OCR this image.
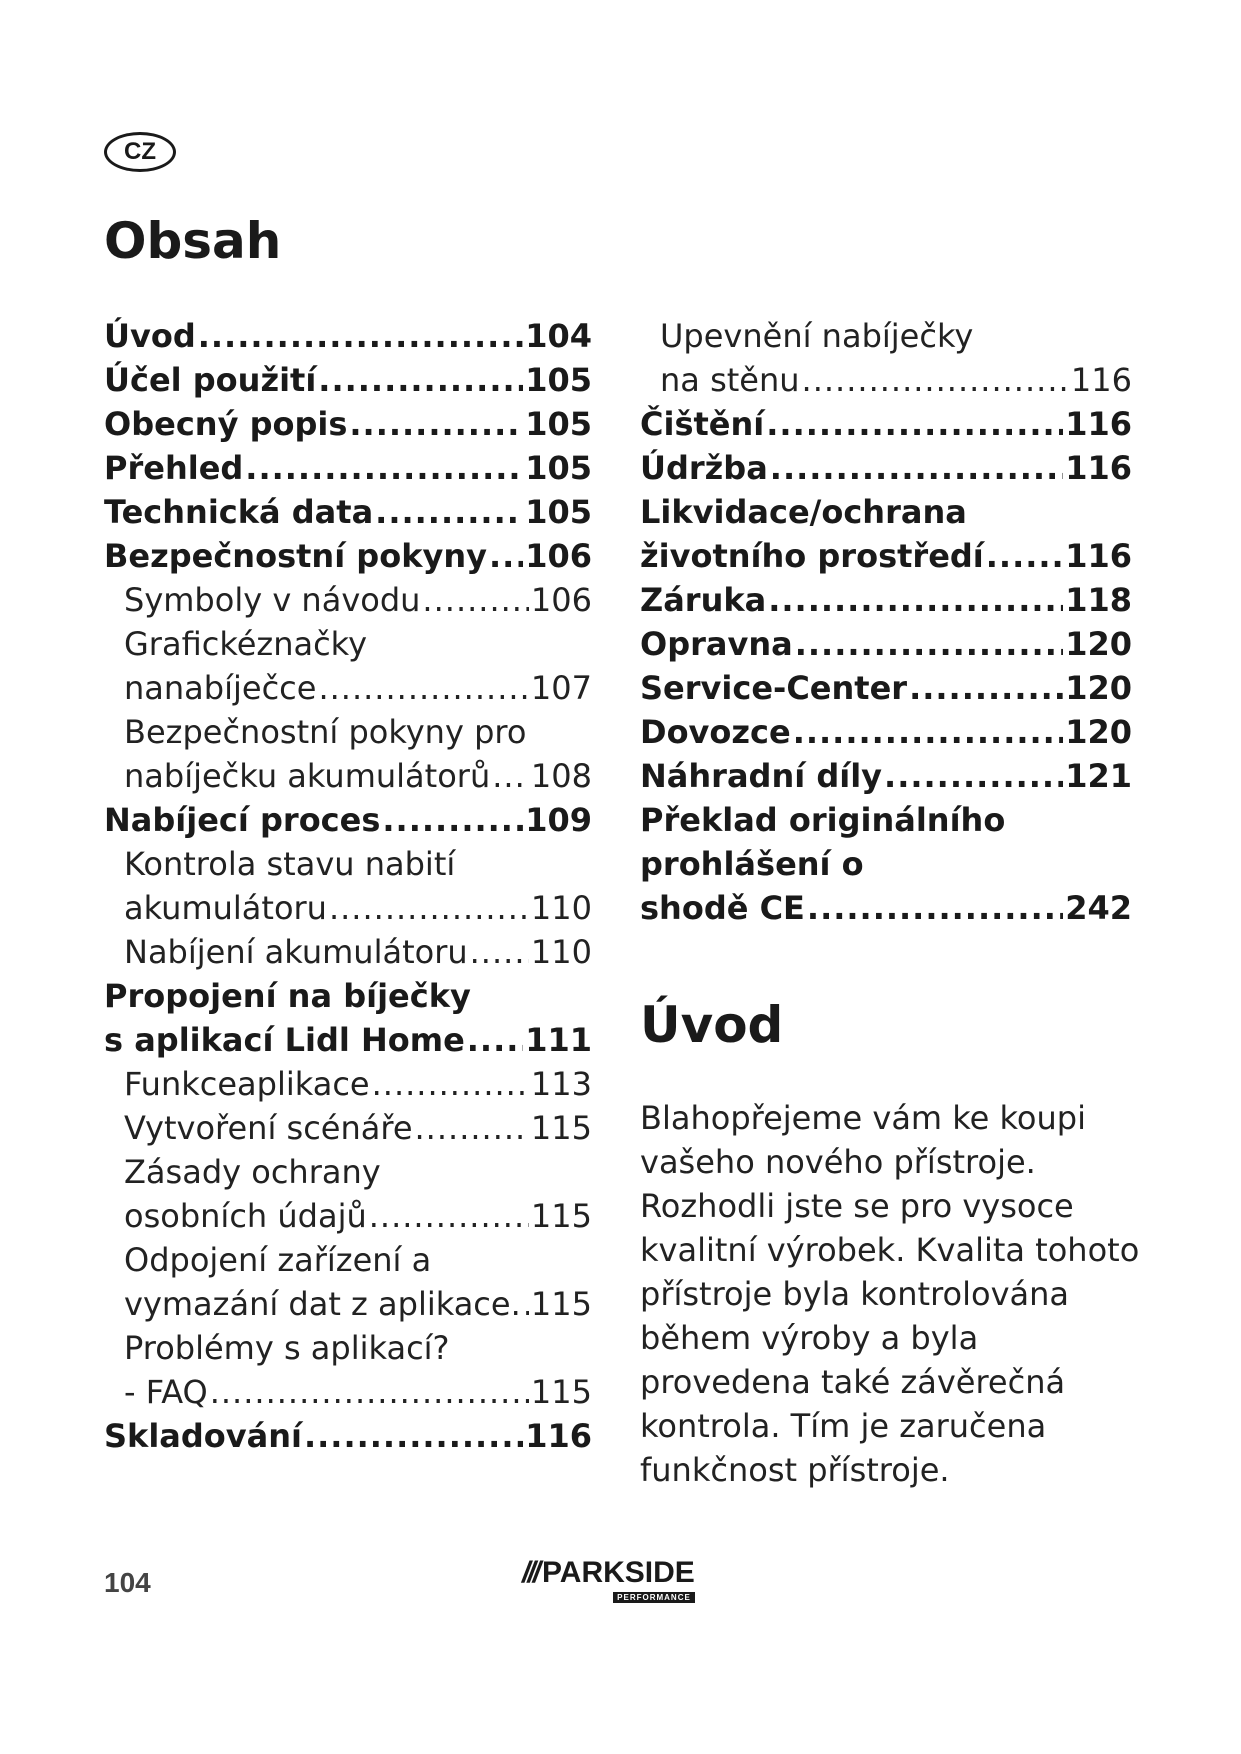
CZ
Obsah
Úvod .....	104
Účel použití .....	105
Obecný popis .....	105
Přehled .....	105
Technická data .....	105
Bezpečnostní pokyny ..... 106
Symboly v návodu .....	106
Grafickéznačky
nanabíječce .....	107
Bezpečnostní pokyny pro
nabíječku akumulátorů ..... 108
Nabíjecí proces .....	109
Kontrola stavu nabití
akumulátoru .....	110
Nabíjení akumulátoru ..... 110
Propojení na bíječky
s aplikací Lidl Home ..... 111
Funkceaplikace .....	113
Vytvoření scénáře .....	115
Zásady ochrany
osobních údajů .....	115
Odpojení zařízení a
vymazání dat z aplikace. ..... 115
Problémy s aplikací?
- FAQ .....	115
Skladování .....	116
Upevnění nabíječky
na stěnu .....	116
Čištění .....	116
Údržba .....	116
Likvidace/ochrana
životního prostředí .....	116
Záruka .....	118
Opravna .....	120
Service-Center .....	120
Dovozce .....	120
Náhradní díly .....	121
Překlad originálního
prohlášení o
shodě CE .....	242
Úvod

Blahopřejeme vám ke koupi vašeho nového přístroje. Rozhodli jste se pro vysoce kvalitní výrobek. Kvalita tohoto přístroje byla kontrolována během výroby a byla provedena také závěrečná kontrola. Tím je zaručena funkčnost přístroje.

104	/// PARKSIDE
PERFORMANCE
